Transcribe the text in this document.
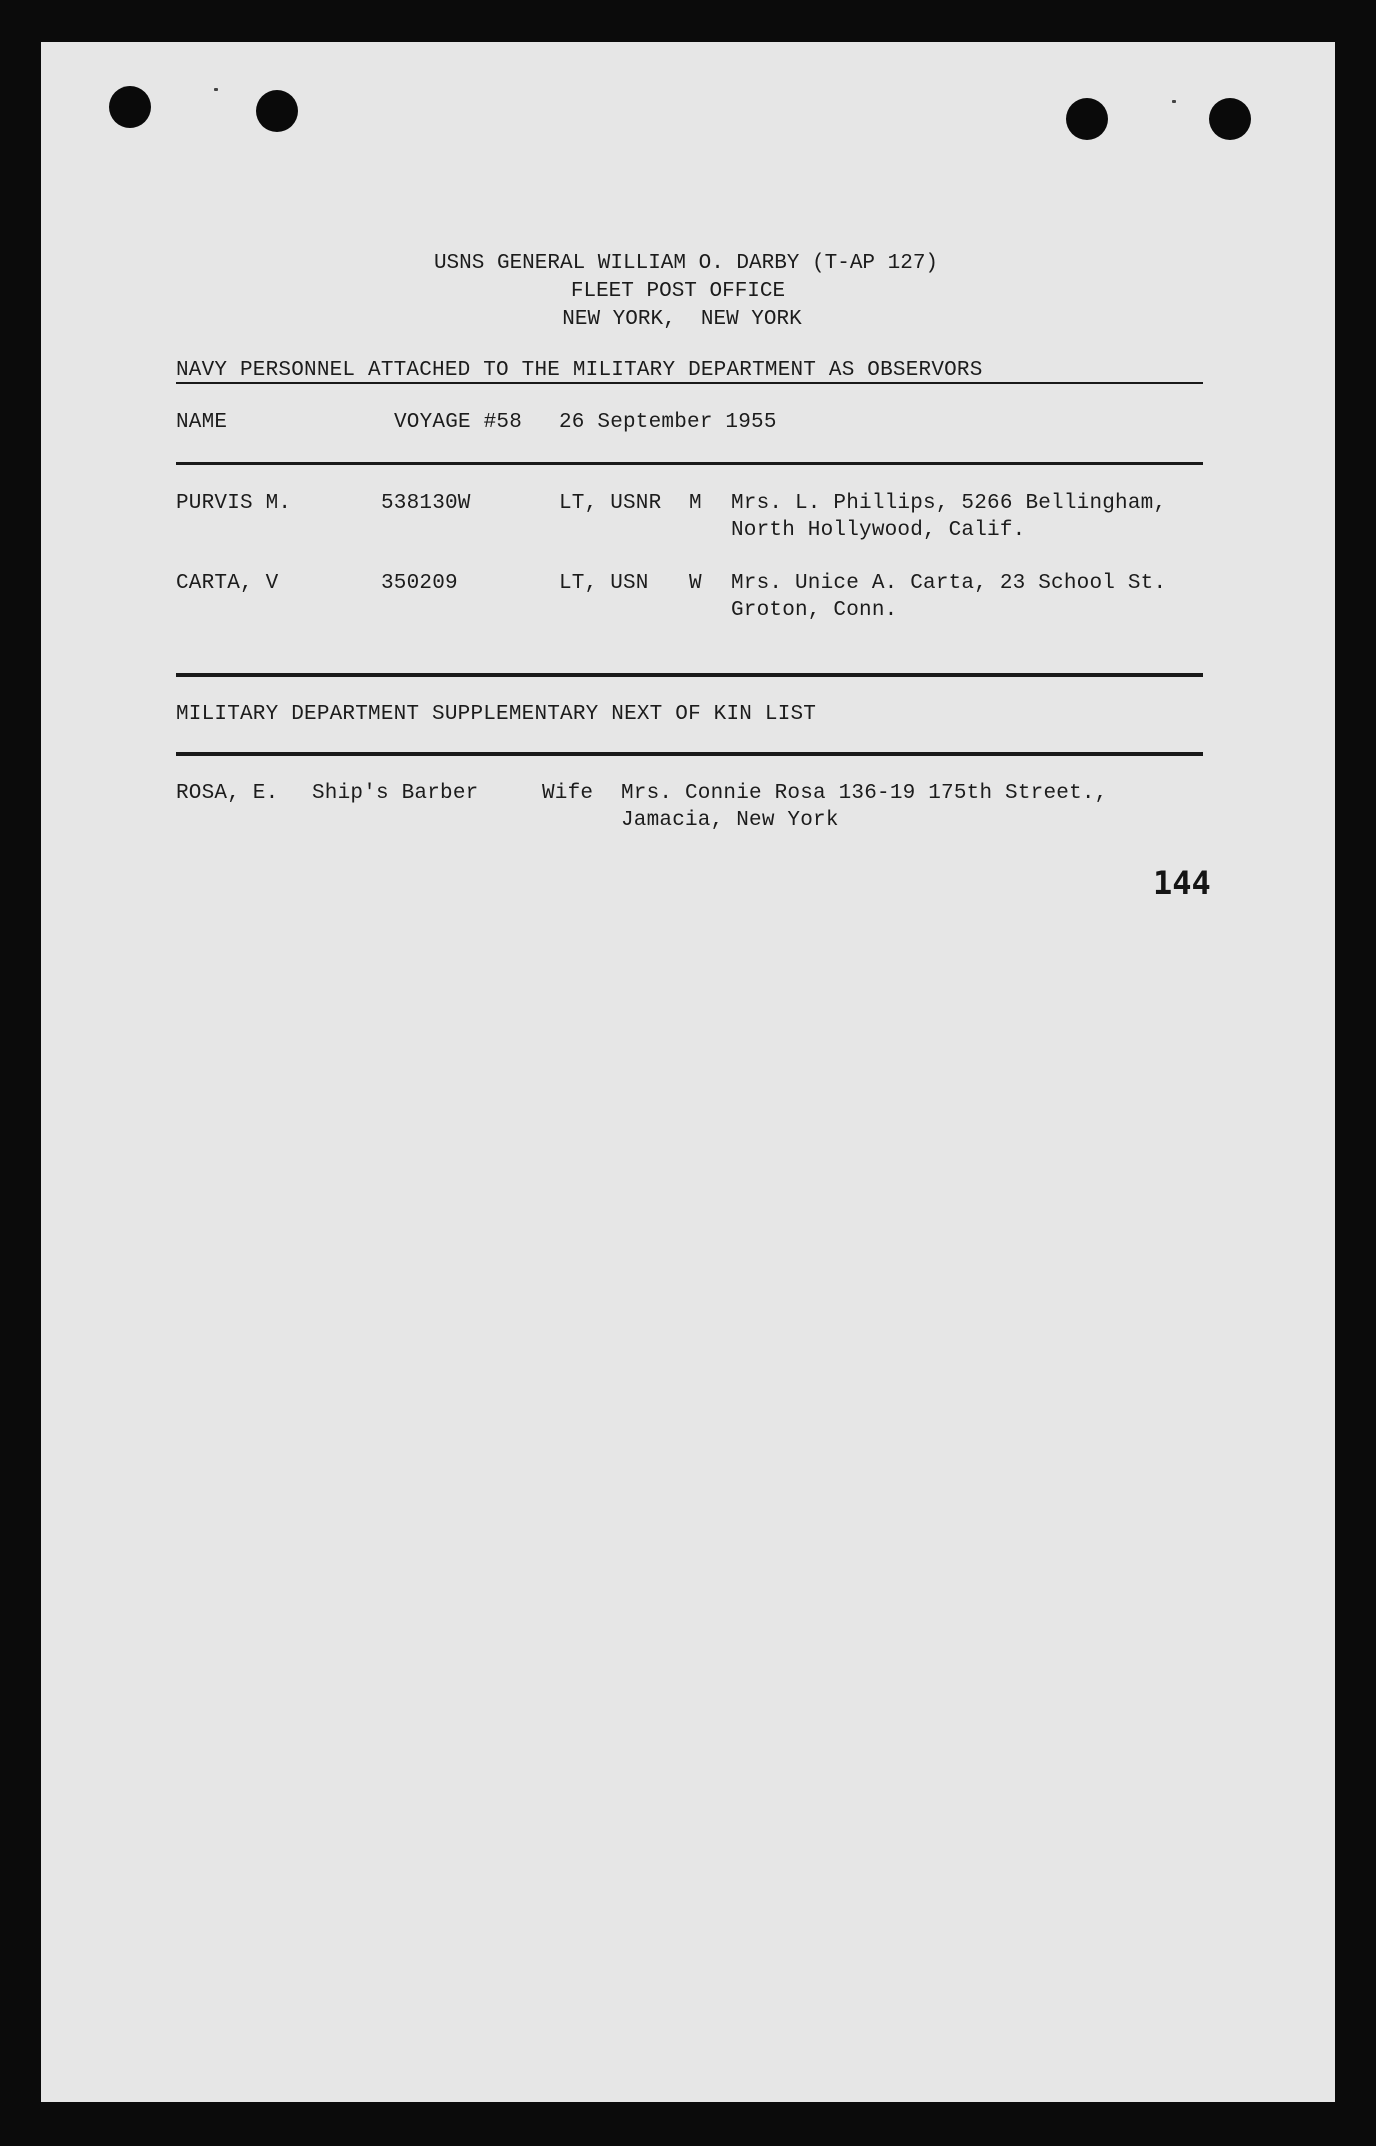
USNS GENERAL WILLIAM O. DARBY (T-AP 127)
FLEET POST OFFICE
NEW YORK,  NEW YORK
NAVY PERSONNEL ATTACHED TO THE MILITARY DEPARTMENT AS OBSERVORS
NAME	VOYAGE #58 26 September 1955
PURVIS M.	538130W	LT, USNR M Mrs. L. Phillips, 5266 Bellingham,
North Hollywood, Calif.
CARTA, V	350209	LT, USN W Mrs. Unice A. Carta, 23 School St.
Groton, Conn.
MILITARY DEPARTMENT SUPPLEMENTARY NEXT OF KIN LIST
ROSA, E. Ship's Barber	Wife Mrs. Connie Rosa 136-19 175th Street.,
Jamacia, New York
144
